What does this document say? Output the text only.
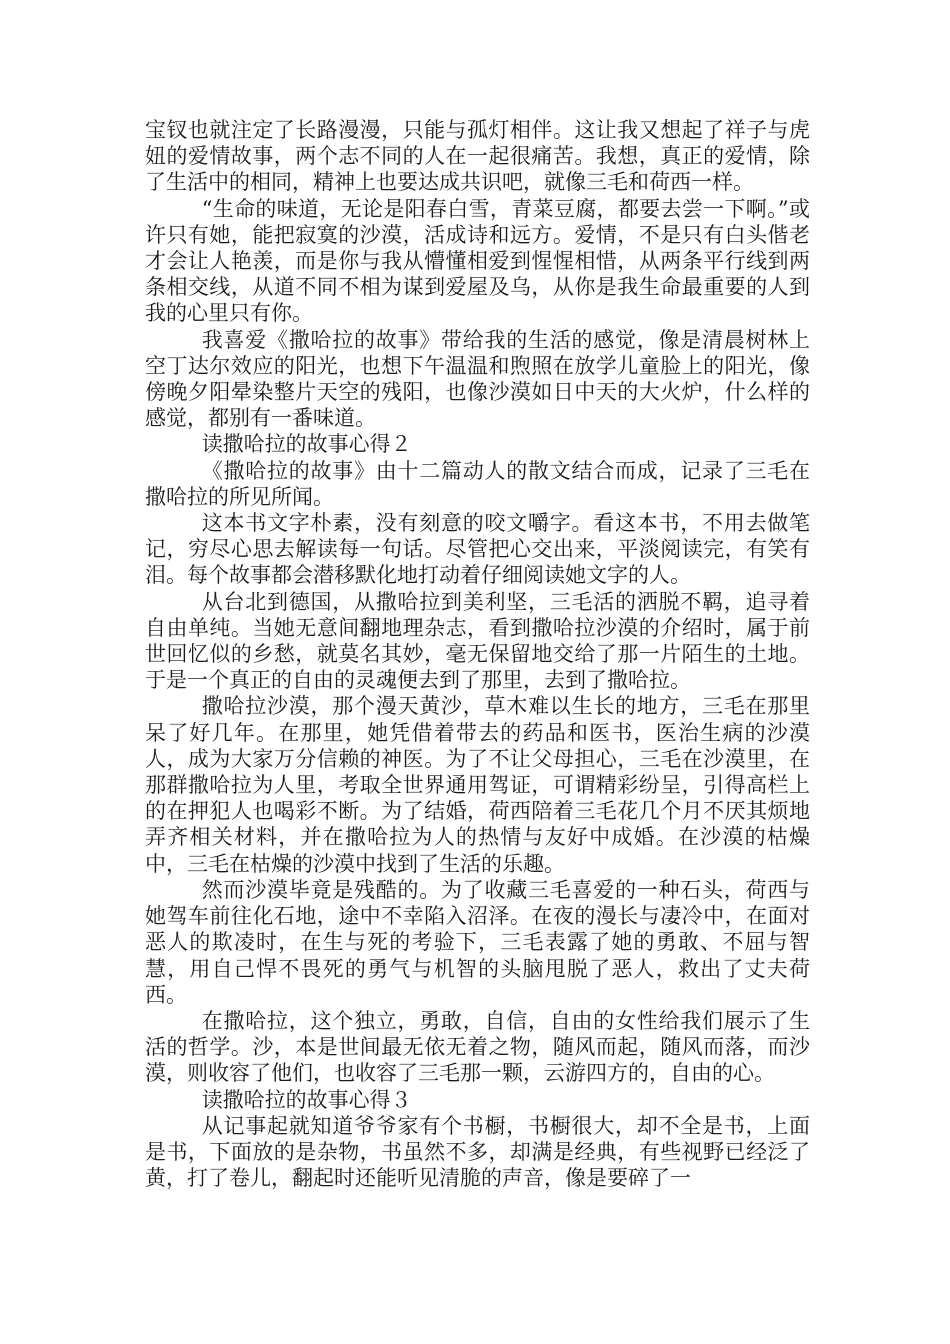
宝钗也就注定了长路漫漫，只能与孤灯相伴。这让我又想起了祥子与虎妞的爱情故事，两个志不同的人在一起很痛苦。我想，真正的爱情，除了生活中的相同，精神上也要达成共识吧，就像三毛和荷西一样。

“生命的味道，无论是阳春白雪，青菜豆腐，都要去尝一下啊。”或许只有她，能把寂寞的沙漠，活成诗和远方。爱情，不是只有白头偕老才会让人艳羡，而是你与我从懵懂相爱到惺惺相惜，从两条平行线到两条相交线，从道不同不相为谋到爱屋及乌，从你是我生命最重要的人到我的心里只有你。

我喜爱《撒哈拉的故事》带给我的生活的感觉，像是清晨树林上空丁达尔效应的阳光，也想下午温温和煦照在放学儿童脸上的阳光，像傍晚夕阳晕染整片天空的残阳，也像沙漠如日中天的大火炉，什么样的感觉，都别有一番味道。

读撒哈拉的故事心得２

《撒哈拉的故事》由十二篇动人的散文结合而成，记录了三毛在撒哈拉的所见所闻。

这本书文字朴素，没有刻意的咬文嚼字。看这本书，不用去做笔记，穷尽心思去解读每一句话。尽管把心交出来，平淡阅读完，有笑有泪。每个故事都会潜移默化地打动着仔细阅读她文字的人。

从台北到德国，从撒哈拉到美利坚，三毛活的洒脱不羁，追寻着自由单纯。当她无意间翻地理杂志，看到撒哈拉沙漠的介绍时，属于前世回忆似的乡愁，就莫名其妙，毫无保留地交给了那一片陌生的土地。于是一个真正的自由的灵魂便去到了那里，去到了撒哈拉。

撒哈拉沙漠，那个漫天黄沙，草木难以生长的地方，三毛在那里呆了好几年。在那里，她凭借着带去的药品和医书，医治生病的沙漠人，成为大家万分信赖的神医。为了不让父母担心，三毛在沙漠里，在那群撒哈拉为人里，考取全世界通用驾证，可谓精彩纷呈，引得高栏上的在押犯人也喝彩不断。为了结婚，荷西陪着三毛花几个月不厌其烦地弄齐相关材料，并在撒哈拉为人的热情与友好中成婚。在沙漠的枯燥中，三毛在枯燥的沙漠中找到了生活的乐趣。

然而沙漠毕竟是残酷的。为了收藏三毛喜爱的一种石头，荷西与她驾车前往化石地，途中不幸陷入沼泽。在夜的漫长与凄冷中，在面对恶人的欺凌时，在生与死的考验下，三毛表露了她的勇敢、不屈与智慧，用自己悍不畏死的勇气与机智的头脑甩脱了恶人，救出了丈夫荷西。

在撒哈拉，这个独立，勇敢，自信，自由的女性给我们展示了生活的哲学。沙，本是世间最无依无着之物，随风而起，随风而落，而沙漠，则收容了他们，也收容了三毛那一颗，云游四方的，自由的心。

读撒哈拉的故事心得３

从记事起就知道爷爷家有个书橱，书橱很大，却不全是书，上面是书，下面放的是杂物，书虽然不多，却满是经典，有些视野已经泛了黄，打了卷儿，翻起时还能听见清脆的声音，像是要碎了一
